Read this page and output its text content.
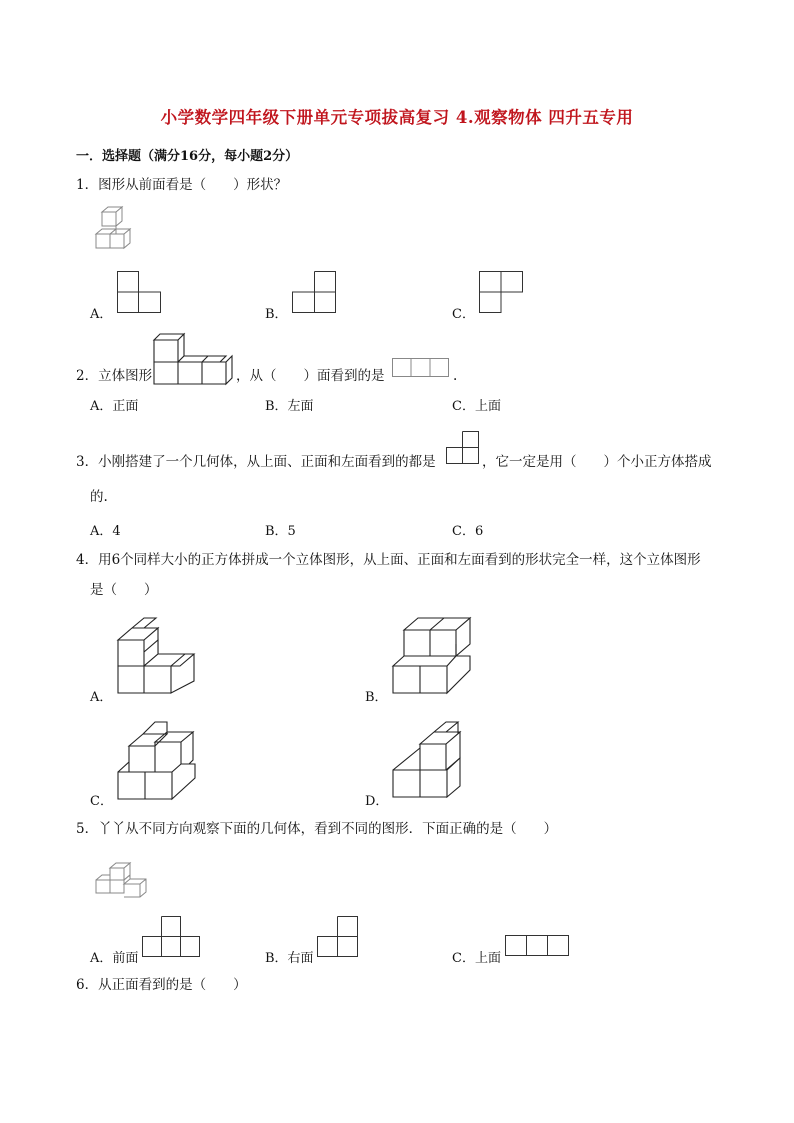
小学数学四年级下册单元专项拔高复习 4.观察物体 四升五专用
一．选择题（满分16分，每小题2分）
1．图形从前面看是（　　）形状？
A．	B．	C．
2．立体图形	，从（　　）面看到的是	.
A．正面	B．左面	C．上面
3．小刚搭建了一个几何体，从上面、正面和左面看到的都是	，它一定是用（　　）个小正方体搭成
的.
A．4	B．5	C．6
4．用6个同样大小的正方体拼成一个立体图形，从上面、正面和左面看到的形状完全一样，这个立体图形
是（　　）
A．	B．
C．	D．
5．丫丫从不同方向观察下面的几何体，看到不同的图形．下面正确的是（　　）
A．前面	B．右面	C．上面
6．从正面看到的是（　　）
